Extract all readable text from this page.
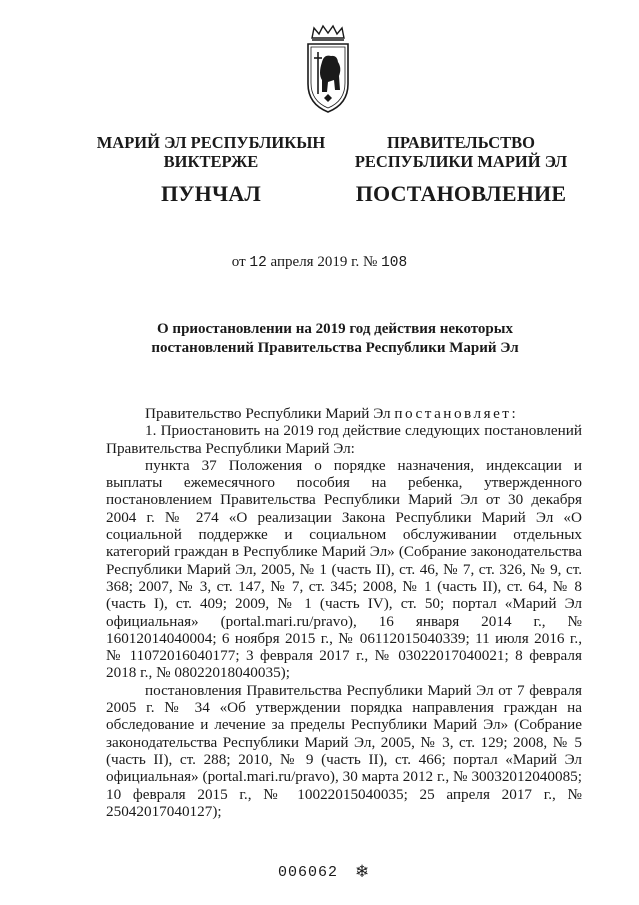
МАРИЙ ЭЛ РЕСПУБЛИКЫН
ВИКТЕРЖЕ
ПУНЧАЛ
ПРАВИТЕЛЬСТВО
РЕСПУБЛИКИ МАРИЙ ЭЛ
ПОСТАНОВЛЕНИЕ
от 12 апреля 2019 г. № 108
О приостановлении на 2019 год действия некоторых
постановлений Правительства Республики Марий Эл

Правительство Республики Марий Эл постановляет:

1. Приостановить на 2019 год действие следующих постановлений Правительства Республики Марий Эл:

пункта 37 Положения о порядке назначения, индексации и выплаты ежемесячного пособия на ребенка, утвержденного постановлением Правительства Республики Марий Эл от 30 декабря 2004 г. № 274 «О реализации Закона Республики Марий Эл «О социальной поддержке и социальном обслуживании отдельных категорий граждан в Республике Марий Эл» (Собрание законодательства Республики Марий Эл, 2005, № 1 (часть II), ст. 46, № 7, ст. 326, № 9, ст. 368; 2007, № 3, ст. 147, № 7, ст. 345; 2008, № 1 (часть II), ст. 64, № 8 (часть I), ст. 409; 2009, № 1 (часть IV), ст. 50; портал «Марий Эл официальная» (portal.mari.ru/pravo), 16 января 2014 г., № 16012014040004; 6 ноября 2015 г., № 06112015040339; 11 июля 2016 г., № 11072016040177; 3 февраля 2017 г., № 03022017040021; 8 февраля 2018 г., № 08022018040035);

постановления Правительства Республики Марий Эл от 7 февраля 2005 г. № 34 «Об утверждении порядка направления граждан на обследование и лечение за пределы Республики Марий Эл» (Собрание законодательства Республики Марий Эл, 2005, № 3, ст. 129; 2008, № 5 (часть II), ст. 288; 2010, № 9 (часть II), ст. 466; портал «Марий Эл официальная» (portal.mari.ru/pravo), 30 марта 2012 г., № 30032012040085; 10 февраля 2015 г., № 10022015040035; 25 апреля 2017 г., № 25042017040127);

006062 ❄
